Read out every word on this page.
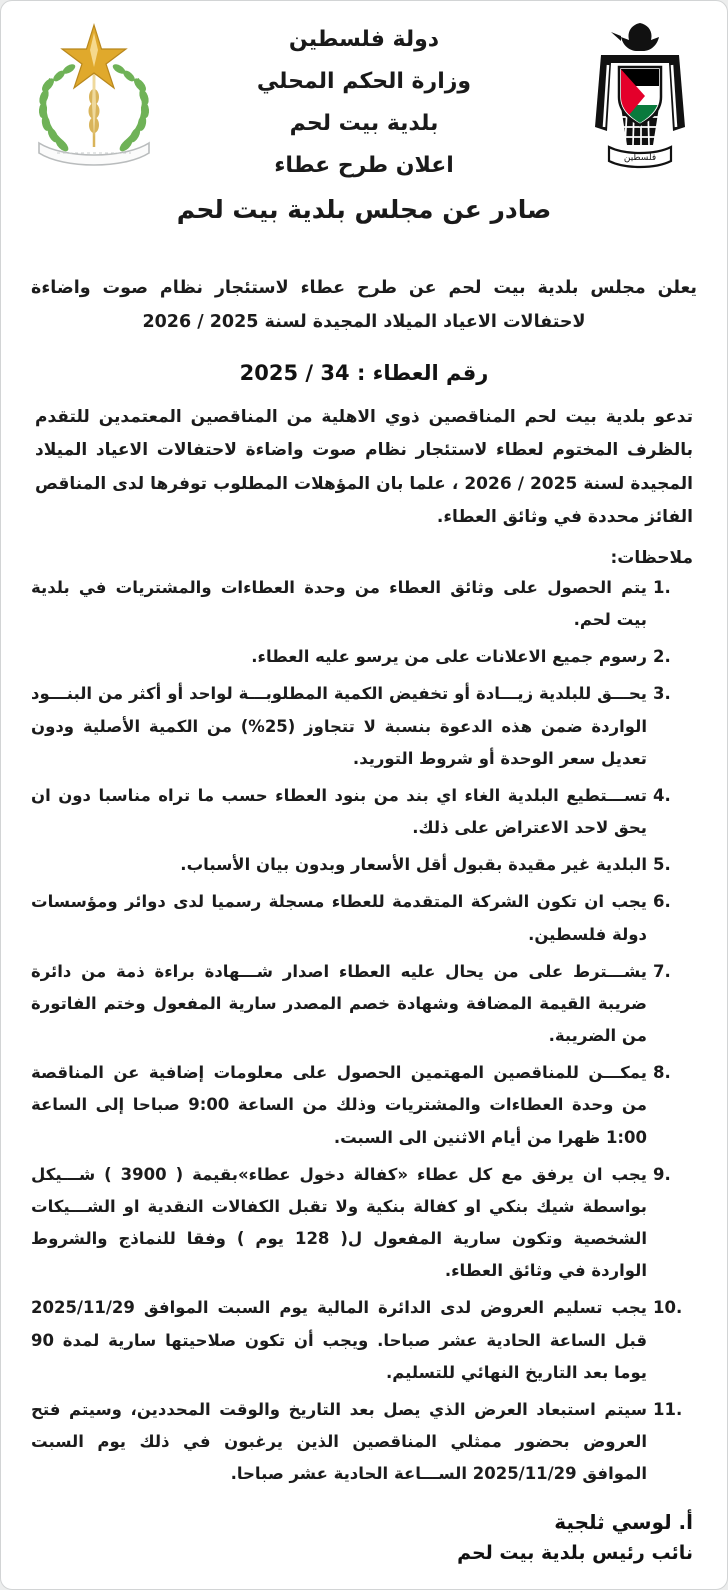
فلسطين
دولة فلسطين
وزارة الحكم المحلي
بلدية بيت لحم
اعلان طرح عطاء
صادر عن مجلس بلدية بيت لحم
يعلن مجلس بلدية بيت لحم عن طرح عطاء لاستئجار نظام صوت واضاءة لاحتفالات الاعياد الميلاد المجيدة لسنة 2025 / 2026
رقم العطاء : 34 / 2025
تدعو بلدية بيت لحم المناقصين ذوي الاهلية من المناقصين المعتمدين للتقدم بالظرف المختوم لعطاء لاستئجار نظام صوت واضاءة لاحتفالات الاعياد الميلاد المجيدة لسنة 2025 / 2026 ، علما بان المؤهلات المطلوب توفرها لدى المناقص الفائز محددة في وثائق العطاء.
ملاحظات:
يتم الحصول على وثائق العطاء من وحدة العطاءات والمشتريات في بلدية بيت لحم.
رسوم جميع الاعلانات على من يرسو عليه العطاء.
يحـــق للبلدية زيـــادة أو تخفيض الكمية المطلوبـــة لواحد أو أكثر من البنـــود الواردة ضمن هذه الدعوة بنسبة لا تتجاوز (25%) من الكمية الأصلية ودون تعديل سعر الوحدة أو شروط التوريد.
تســـتطيع البلدية الغاء اي بند من بنود العطاء حسب ما تراه مناسبا دون ان يحق لاحد الاعتراض على ذلك.
البلدية غير مقيدة بقبول أقل الأسعار وبدون بيان الأسباب.
يجب ان تكون الشركة المتقدمة للعطاء مسجلة رسميا لدى دوائر ومؤسسات دولة فلسطين.
يشـــترط على من يحال عليه العطاء اصدار شـــهادة براءة ذمة من دائرة ضريبة القيمة المضافة وشهادة خصم المصدر سارية المفعول وختم الفاتورة من الضريبة.
يمكـــن للمناقصين المهتمين الحصول على معلومات إضافية عن المناقصة من وحدة العطاءات والمشتريات وذلك من الساعة 9:00 صباحا إلى الساعة 1:00 ظهرا من أيام الاثنين الى السبت.
يجب ان يرفق مع كل عطاء «كفالة دخول عطاء»بقيمة ( 3900 ) شـــيكل بواسطة شيك بنكي او كفالة بنكية ولا تقبل الكفالات النقدية او الشـــيكات الشخصية وتكون سارية المفعول ل( 128 يوم ) وفقا للنماذج والشروط الواردة في وثائق العطاء.
يجب تسليم العروض لدى الدائرة المالية يوم السبت الموافق 2025/11/29 قبل الساعة الحادية عشر صباحا. ويجب أن تكون صلاحيتها سارية لمدة 90 يوما بعد التاريخ النهائي للتسليم.
سيتم استبعاد العرض الذي يصل بعد التاريخ والوقت المحددين، وسيتم فتح العروض بحضور ممثلي المناقصين الذين يرغبون في ذلك يوم السبت الموافق 2025/11/29 الســـاعة الحادية عشر صباحا.
أ. لوسي ثلجية
نائب رئيس بلدية بيت لحم
